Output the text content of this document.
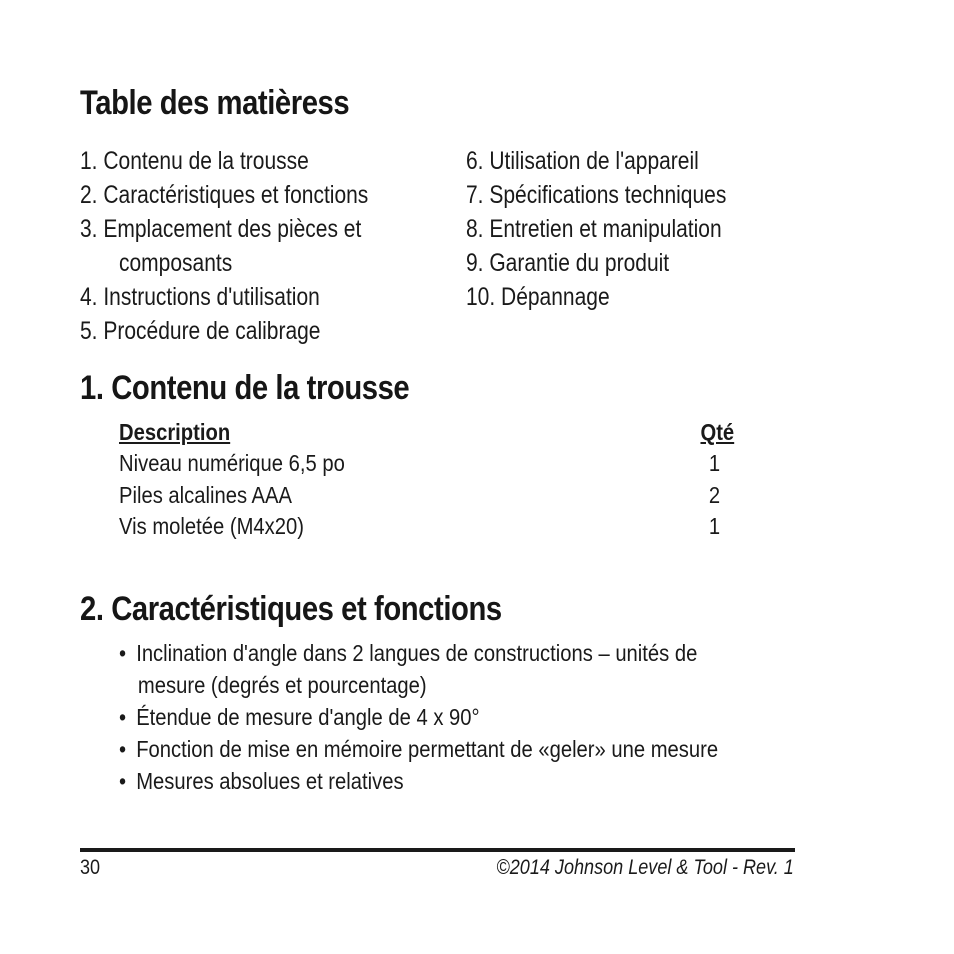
Table des matièress
1. Contenu de la trousse
2. Caractéristiques et fonctions
3. Emplacement des pièces et
composants
4. Instructions d'utilisation
5. Procédure de calibrage
6. Utilisation de l'appareil
7. Spécifications techniques
8. Entretien et manipulation
9. Garantie du produit
10. Dépannage
1. Contenu de la trousse
Description	Qté
Niveau numérique 6,5 po	1
Piles alcalines AAA	2
Vis moletée (M4x20)	1
2. Caractéristiques et fonctions
• Inclination d'angle dans 2 langues de constructions – unités de
mesure (degrés et pourcentage)
• Étendue de mesure d'angle de 4 x 90°
• Fonction de mise en mémoire permettant de «geler» une mesure
• Mesures absolues et relatives
30	©2014 Johnson Level & Tool - Rev. 1
